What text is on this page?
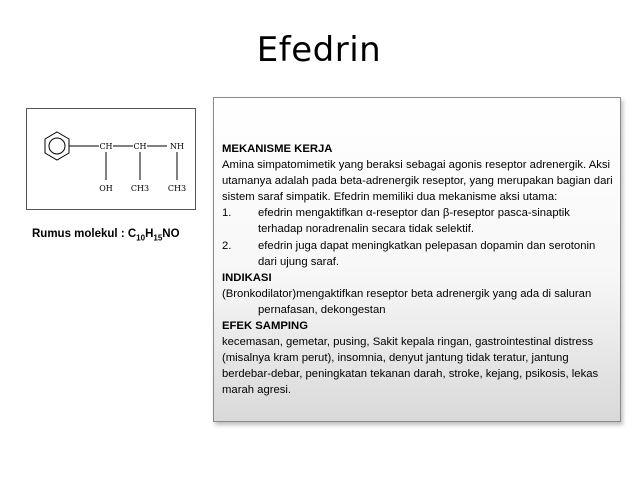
Efedrin
CH	CH	NH
OH CH3 CH3
Rumus molekul : $C_{10}H_{15}NO$

MEKANISME KERJA

Amina simpatomimetik yang beraksi sebagai agonis reseptor adrenergik. Aksi utamanya adalah pada beta-adrenergik reseptor, yang merupakan bagian dari sistem saraf simpatik. Efedrin memiliki dua mekanisme aksi utama:

1.	efedrin mengaktifkan α-reseptor dan β-reseptor pasca-sinaptik

terhadap noradrenalin secara tidak selektif.

2.	efedrin juga dapat meningkatkan pelepasan dopamin dan serotonin

dari ujung saraf.

INDIKASI

(Bronkodilator)mengaktifkan reseptor beta adrenergik yang ada di saluran

pernafasan, dekongestan

EFEK SAMPING

kecemasan, gemetar, pusing, Sakit kepala ringan, gastrointestinal distress (misalnya kram perut), insomnia, denyut jantung tidak teratur, jantung berdebar-debar, peningkatan tekanan darah, stroke, kejang, psikosis, lekas marah agresi.
